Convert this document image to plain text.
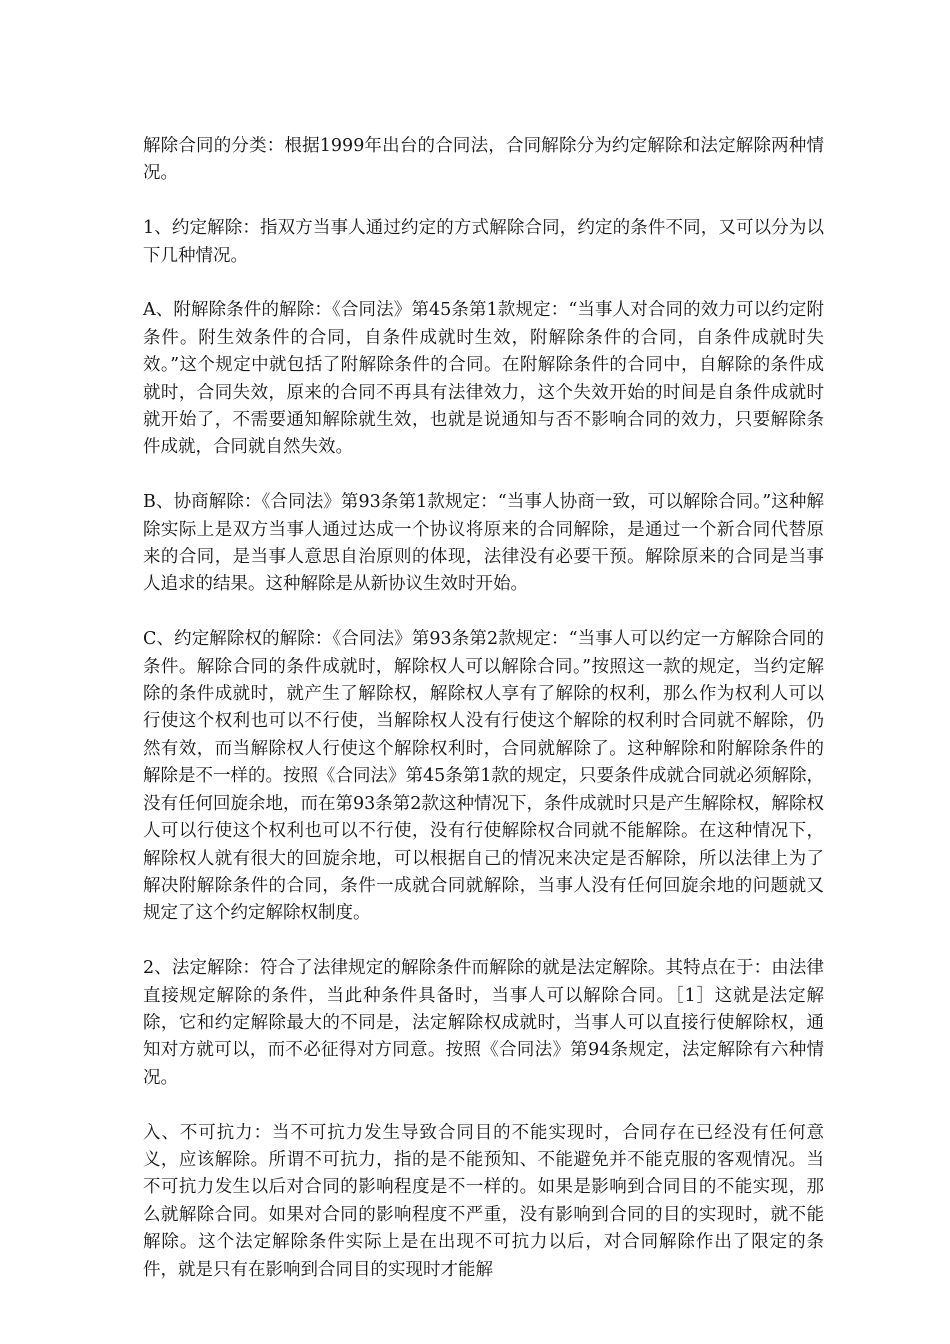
解除合同的分类：根据1999年出台的合同法，合同解除分为约定解除和法定解除两种情况。

1、约定解除：指双方当事人通过约定的方式解除合同，约定的条件不同，又可以分为以下几种情况。

A、附解除条件的解除：《合同法》第45条第1款规定：“当事人对合同的效力可以约定附条件。附生效条件的合同，自条件成就时生效，附解除条件的合同，自条件成就时失效。”这个规定中就包括了附解除条件的合同。在附解除条件的合同中，自解除的条件成就时，合同失效，原来的合同不再具有法律效力，这个失效开始的时间是自条件成就时就开始了，不需要通知解除就生效，也就是说通知与否不影响合同的效力，只要解除条件成就，合同就自然失效。

B、协商解除：《合同法》第93条第1款规定：“当事人协商一致，可以解除合同。”这种解除实际上是双方当事人通过达成一个协议将原来的合同解除，是通过一个新合同代替原来的合同，是当事人意思自治原则的体现，法律没有必要干预。解除原来的合同是当事人追求的结果。这种解除是从新协议生效时开始。

C、约定解除权的解除：《合同法》第93条第2款规定：“当事人可以约定一方解除合同的条件。解除合同的条件成就时，解除权人可以解除合同。”按照这一款的规定，当约定解除的条件成就时，就产生了解除权，解除权人享有了解除的权利，那么作为权利人可以行使这个权利也可以不行使，当解除权人没有行使这个解除的权利时合同就不解除，仍然有效，而当解除权人行使这个解除权利时，合同就解除了。这种解除和附解除条件的解除是不一样的。按照《合同法》第45条第1款的规定，只要条件成就合同就必须解除，没有任何回旋余地，而在第93条第2款这种情况下，条件成就时只是产生解除权，解除权人可以行使这个权利也可以不行使，没有行使解除权合同就不能解除。在这种情况下，解除权人就有很大的回旋余地，可以根据自己的情况来决定是否解除，所以法律上为了解决附解除条件的合同，条件一成就合同就解除，当事人没有任何回旋余地的问题就又规定了这个约定解除权制度。

2、法定解除：符合了法律规定的解除条件而解除的就是法定解除。其特点在于：由法律直接规定解除的条件，当此种条件具备时，当事人可以解除合同。［1］这就是法定解除，它和约定解除最大的不同是，法定解除权成就时，当事人可以直接行使解除权，通知对方就可以，而不必征得对方同意。按照《合同法》第94条规定，法定解除有六种情况。

入、不可抗力：当不可抗力发生导致合同目的不能实现时，合同存在已经没有任何意义，应该解除。所谓不可抗力，指的是不能预知、不能避免并不能克服的客观情况。当不可抗力发生以后对合同的影响程度是不一样的。如果是影响到合同目的不能实现，那么就解除合同。如果对合同的影响程度不严重，没有影响到合同的目的实现时，就不能解除。这个法定解除条件实际上是在出现不可抗力以后，对合同解除作出了限定的条件，就是只有在影响到合同目的实现时才能解
